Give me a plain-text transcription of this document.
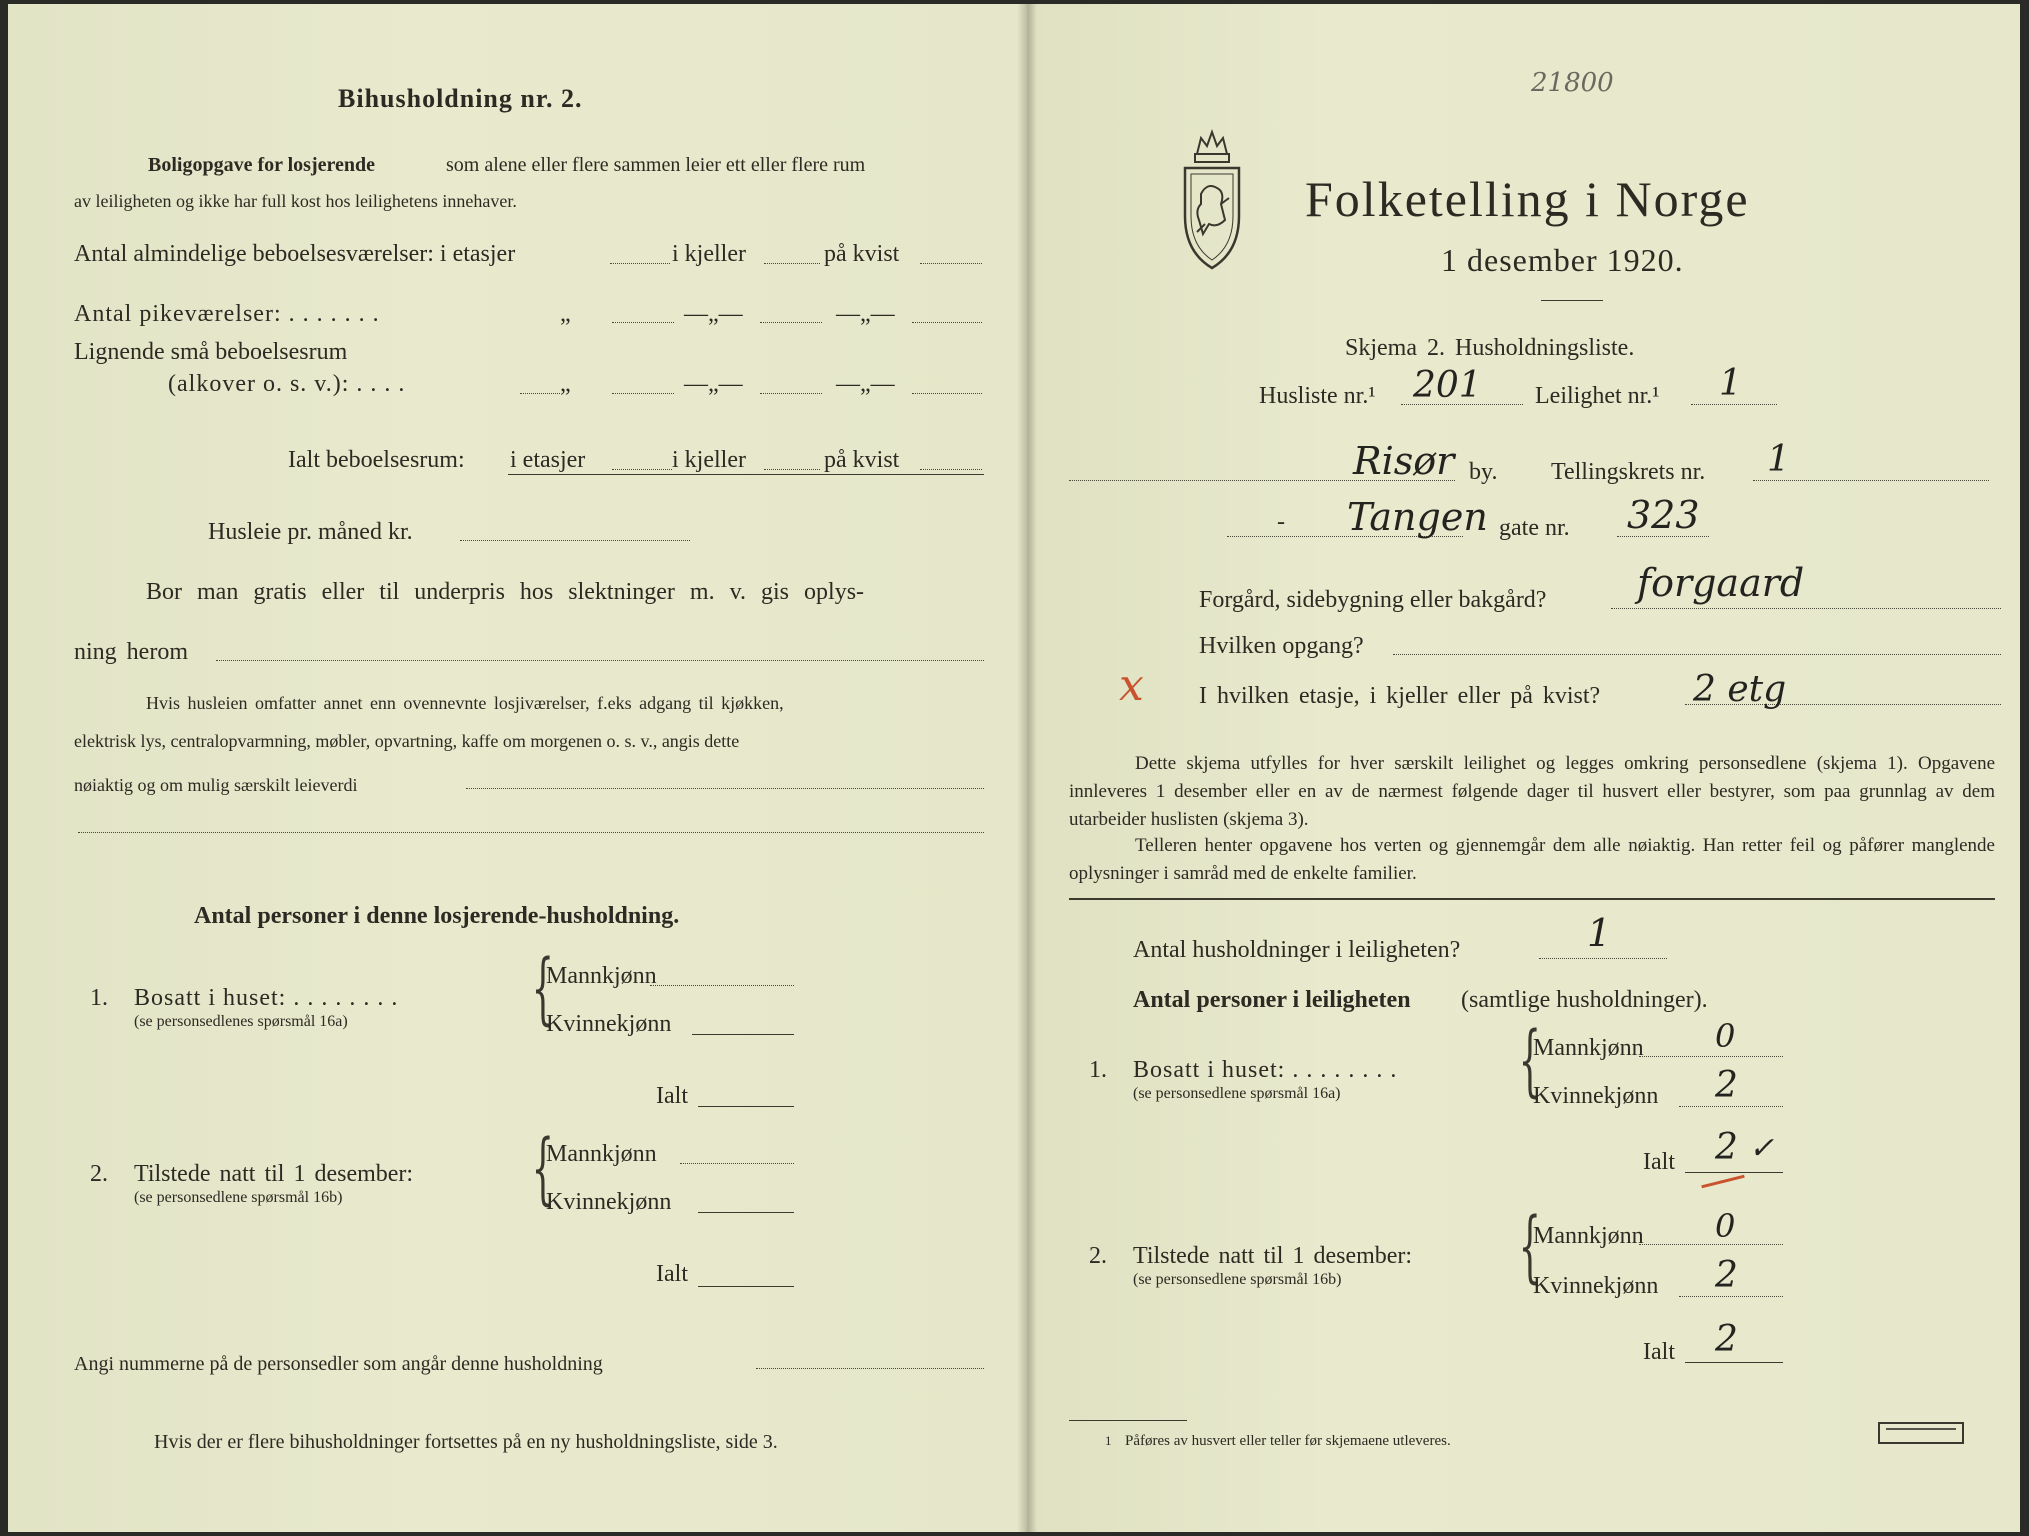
Bihusholdning nr. 2.
Boligopgave for losjerende	som alene eller flere sammen leier ett eller flere rum
av leiligheten og ikke har full kost hos leilighetens innehaver.
Antal almindelige beboelsesværelser: i etasjer	i kjeller	på kvist
Antal pikeværelser: . . . . . . .	„	—„—	—„—
Lignende små beboelsesrum
(alkover o. s. v.): . . . .	„	—„—	—„—
Ialt beboelsesrum: i etasjer	i kjeller	på kvist
Husleie pr. måned kr.
Bor man gratis eller til underpris hos slektninger m. v. gis oplys-
ning herom
Hvis husleien omfatter annet enn ovennevnte losjiværelser, f.eks adgang til kjøkken,
elektrisk lys, centralopvarmning, møbler, opvartning, kaffe om morgenen o. s. v., angis dette
nøiaktig og om mulig særskilt leieverdi
Antal personer i denne losjerende-husholdning.
1. Bosatt i huset: . . . . . . . .
(se personsedlenes spørsmål 16a) {
Mannkjønn
Kvinnekjønn
Ialt
2. Tilstede natt til 1 desember:
(se personsedlene spørsmål 16b) {
Mannkjønn
Kvinnekjønn
Ialt
Angi nummerne på de personsedler som angår denne husholdning
Hvis der er flere bihusholdninger fortsettes på en ny husholdningsliste, side 3.
21800
Folketelling i Norge
1 desember 1920.
Skjema 2. Husholdningsliste.
Husliste nr.¹ 201 Leilighet nr.¹ 1
Risør by. Tellingskrets nr. 1
- Tangen gate nr. 323
Forgård, sidebygning eller bakgård? forgaard
Hvilken opgang?
x I hvilken etasje, i kjeller eller på kvist?	2 etg
Dette skjema utfylles for hver særskilt leilighet og legges omkring personsedlene (skjema 1). Opgavene innleveres 1 desember eller en av de nærmest følgende dager til husvert eller bestyrer, som paa grunnlag av dem utarbeider huslisten (skjema 3).
Telleren henter opgavene hos verten og gjennemgår dem alle nøiaktig. Han retter feil og påfører manglende oplysninger i samråd med de enkelte familier.
Antal husholdninger i leiligheten?	1
Antal personer i leiligheten (samtlige husholdninger).
1. Bosatt i huset: . . . . . . . .
(se personsedlene spørsmål 16a) {
Mannkjønn 0
Kvinnekjønn 2
Ialt 2 ✓
2. Tilstede natt til 1 desember:
(se personsedlene spørsmål 16b) {
Mannkjønn 0
Kvinnekjønn 2
Ialt 2
1 Påføres av husvert eller teller før skjemaene utleveres.
